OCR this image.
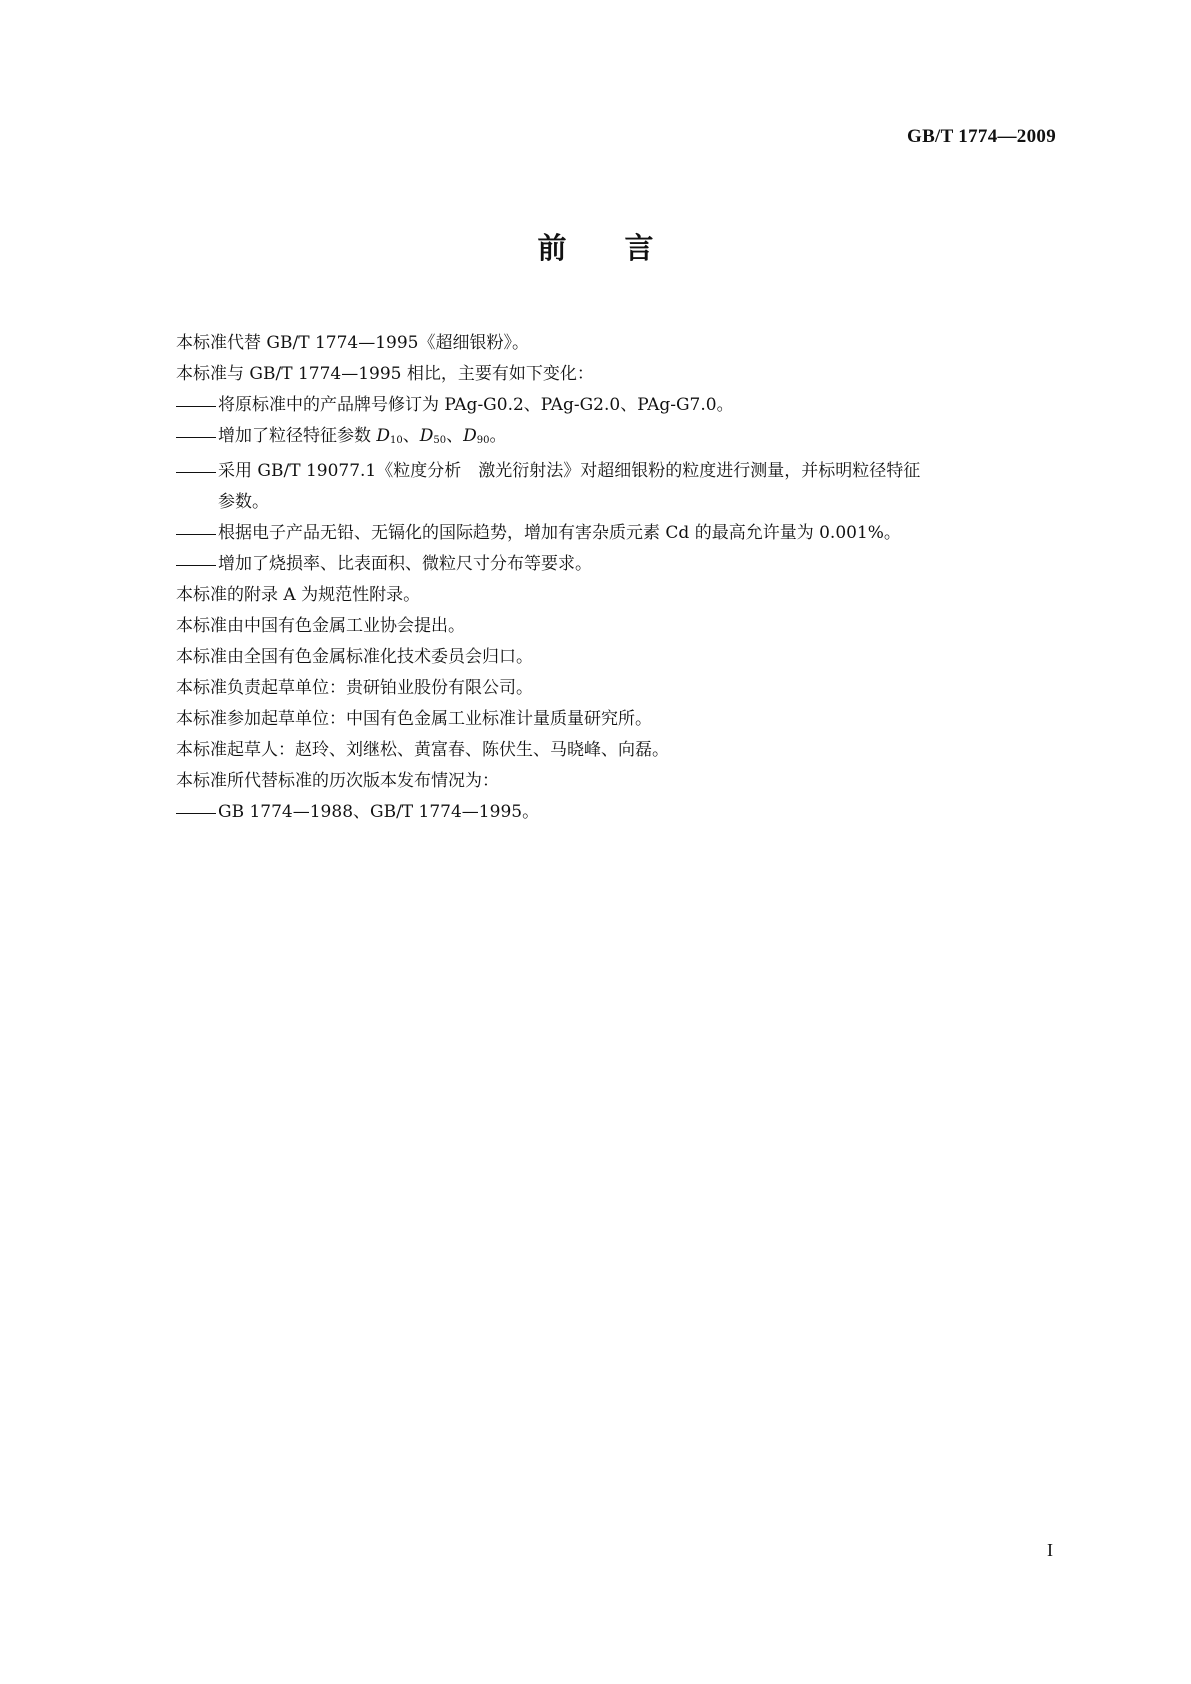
GB/T 1774—2009
前言

本标准代替 GB/T 1774—1995《超细银粉》。

本标准与 GB/T 1774—1995 相比，主要有如下变化：

将原标准中的产品牌号修订为 PAg-G0.2、PAg-G2.0、PAg-G7.0。
增加了粒径特征参数 $D_{10}$、$D_{50}$、$D_{90}$。
采用 GB/T 19077.1《粒度分析　激光衍射法》对超细银粉的粒度进行测量，并标明粒径特征
参数。
根据电子产品无铅、无镉化的国际趋势，增加有害杂质元素 Cd 的最高允许量为 0.001%。
增加了烧损率、比表面积、微粒尺寸分布等要求。

本标准的附录 A 为规范性附录。

本标准由中国有色金属工业协会提出。

本标准由全国有色金属标准化技术委员会归口。

本标准负责起草单位：贵研铂业股份有限公司。

本标准参加起草单位：中国有色金属工业标准计量质量研究所。

本标准起草人：赵玲、刘继松、黄富春、陈伏生、马晓峰、向磊。

本标准所代替标准的历次版本发布情况为：

GB 1774—1988、GB/T 1774—1995。
I
